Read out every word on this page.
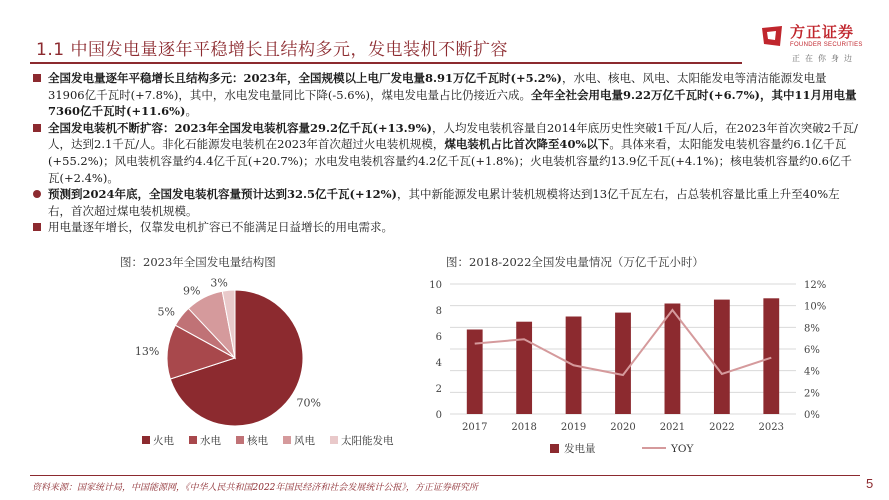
1.1 中国发电量逐年平稳增长且结构多元，发电装机不断扩容
方正证券
FOUNDER SECURITIES
正在你身边
全国发电量逐年平稳增长且结构多元：2023年，全国规模以上电厂发电量8.91万亿千瓦时(+5.2%)，水电、核电、风电、太阳能发电等清洁能源发电量31906亿千瓦时(+7.8%)，其中，水电发电量同比下降(-5.6%)，煤电发电量占比仍接近六成。全年全社会用电量9.22万亿千瓦时(+6.7%)，其中11月用电量7360亿千瓦时(+11.6%)。
全国发电装机不断扩容：2023年全国发电装机容量29.2亿千瓦(+13.9%)，人均发电装机容量自2014年底历史性突破1千瓦/人后，在2023年首次突破2千瓦/人，达到2.1千瓦/人。非化石能源发电装机在2023年首次超过火电装机规模，煤电装机占比首次降至40%以下。具体来看，太阳能发电装机容量约6.1亿千瓦(+55.2%)；风电装机容量约4.4亿千瓦(+20.7%)；水电发电装机容量约4.2亿千瓦(+1.8%)；火电装机容量约13.9亿千瓦(+4.1%)；核电装机容量约0.6亿千瓦(+2.4%)。
预测到2024年底，全国发电装机容量预计达到32.5亿千瓦(+12%)，其中新能源发电累计装机规模将达到13亿千瓦左右，占总装机容量比重上升至40%左右，首次超过煤电装机规模。
用电量逐年增长，仅靠发电机扩容已不能满足日益增长的用电需求。
图：2023年全国发电量结构图
70%
13%
5%
9%
3%
火电 水电 核电 风电 太阳能发电
图：2018-2022全国发电量情况（万亿千瓦小时）
0
2
4
6
8
10
0%
2%
4%
6%
8%
10%
12%
2017 2018 2019 2020 2021 2022 2023
发电量	YOY
资料来源：国家统计局，中国能源网，《中华人民共和国2022年国民经济和社会发展统计公报》，方正证券研究所	5
